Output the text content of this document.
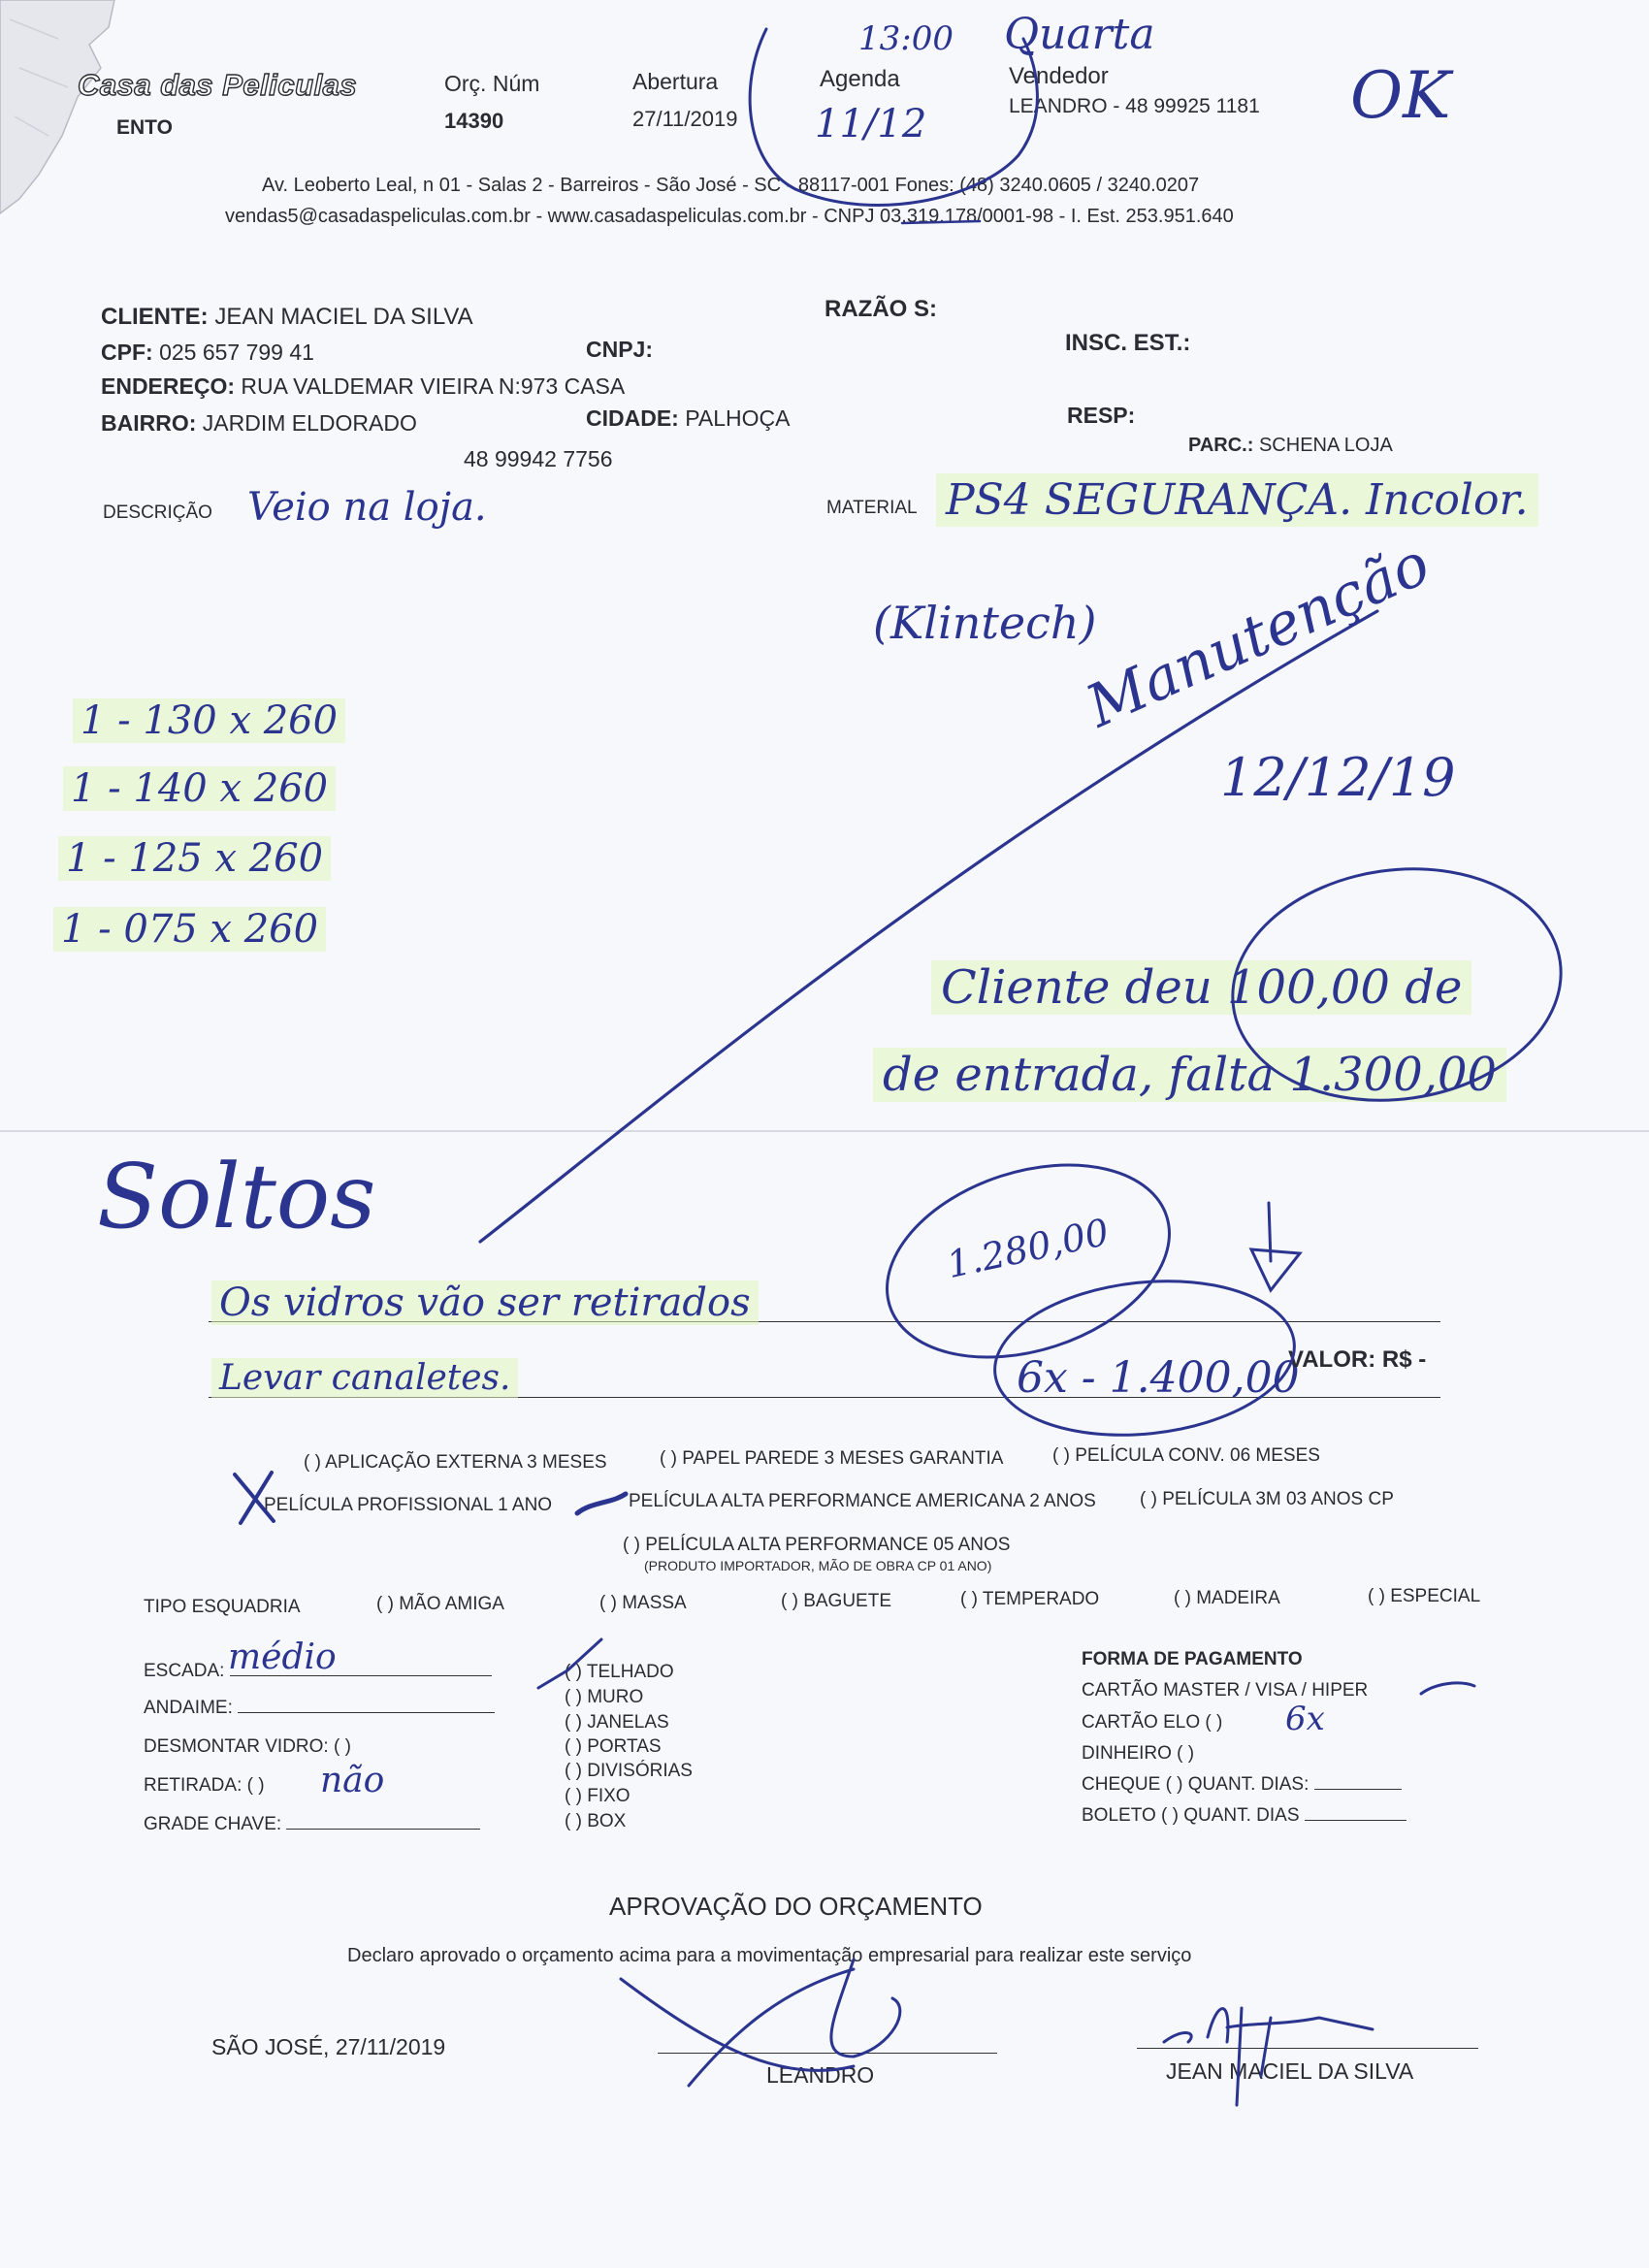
Casa das Peliculas
ENTO
Orç. Núm
14390
Abertura
27/11/2019
Agenda
11/12
13:00 Quarta
Vendedor
LEANDRO - 48 99925 1181 OK
Av. Leoberto Leal, n 01 - Salas 2 - Barreiros - São José - SC - 88117-001 Fones: (48) 3240.0605 / 3240.0207
vendas5@casadaspeliculas.com.br - www.casadaspeliculas.com.br - CNPJ 03.319.178/0001-98 - I. Est. 253.951.640
CLIENTE: JEAN MACIEL DA SILVA	RAZÃO S:
CPF: 025 657 799 41	CNPJ:	INSC. EST.:
ENDEREÇO: RUA VALDEMAR VIEIRA N:973 CASA
BAIRRO: JARDIM ELDORADO	CIDADE: PALHOÇA	RESP:
PARC.: SCHENA LOJA
48 99942 7756
DESCRIÇÃO Veio na loja.	MATERIAL PS4 SEGURANÇA. Incolor.
(Klintech)
1 - 130 x 260
1 - 140 x 260
1 - 125 x 260
1 - 075 x 260
Manutenção
12/12/19
Cliente deu 100,00 de
de entrada, falta 1.300,00
Soltos	1.280,00
Os vidros vão ser retirados
Levar canaletes.	6x - 1.400,00
VALOR: R$ -
( ) APLICAÇÃO EXTERNA 3 MESES	( ) PAPEL PAREDE 3 MESES GARANTIA	( ) PELÍCULA CONV. 06 MESES
PELÍCULA PROFISSIONAL 1 ANO	PELÍCULA ALTA PERFORMANCE AMERICANA 2 ANOS ( ) PELÍCULA 3M 03 ANOS CP
( ) PELÍCULA ALTA PERFORMANCE 05 ANOS
(PRODUTO IMPORTADOR, MÃO DE OBRA CP 01 ANO)
TIPO ESQUADRIA	( ) MÃO AMIGA	( ) MASSA	( ) BAGUETE	( ) TEMPERADO	( ) MADEIRA	( ) ESPECIAL
ESCADA: médio
ANDAIME:
DESMONTAR VIDRO: ( )
RETIRADA: ( ) não
GRADE CHAVE:
( ) TELHADO
( ) MURO
( ) JANELAS
( ) PORTAS
( ) DIVISÓRIAS
( ) FIXO
( ) BOX
FORMA DE PAGAMENTO
CARTÃO MASTER / VISA / HIPER
CARTÃO ELO ( ) 6x
DINHEIRO ( )
CHEQUE ( ) QUANT. DIAS:
BOLETO ( ) QUANT. DIAS
APROVAÇÃO DO ORÇAMENTO
Declaro aprovado o orçamento acima para a movimentação empresarial para realizar este serviço
SÃO JOSÉ, 27/11/2019
LEANDRO	JEAN MACIEL DA SILVA
